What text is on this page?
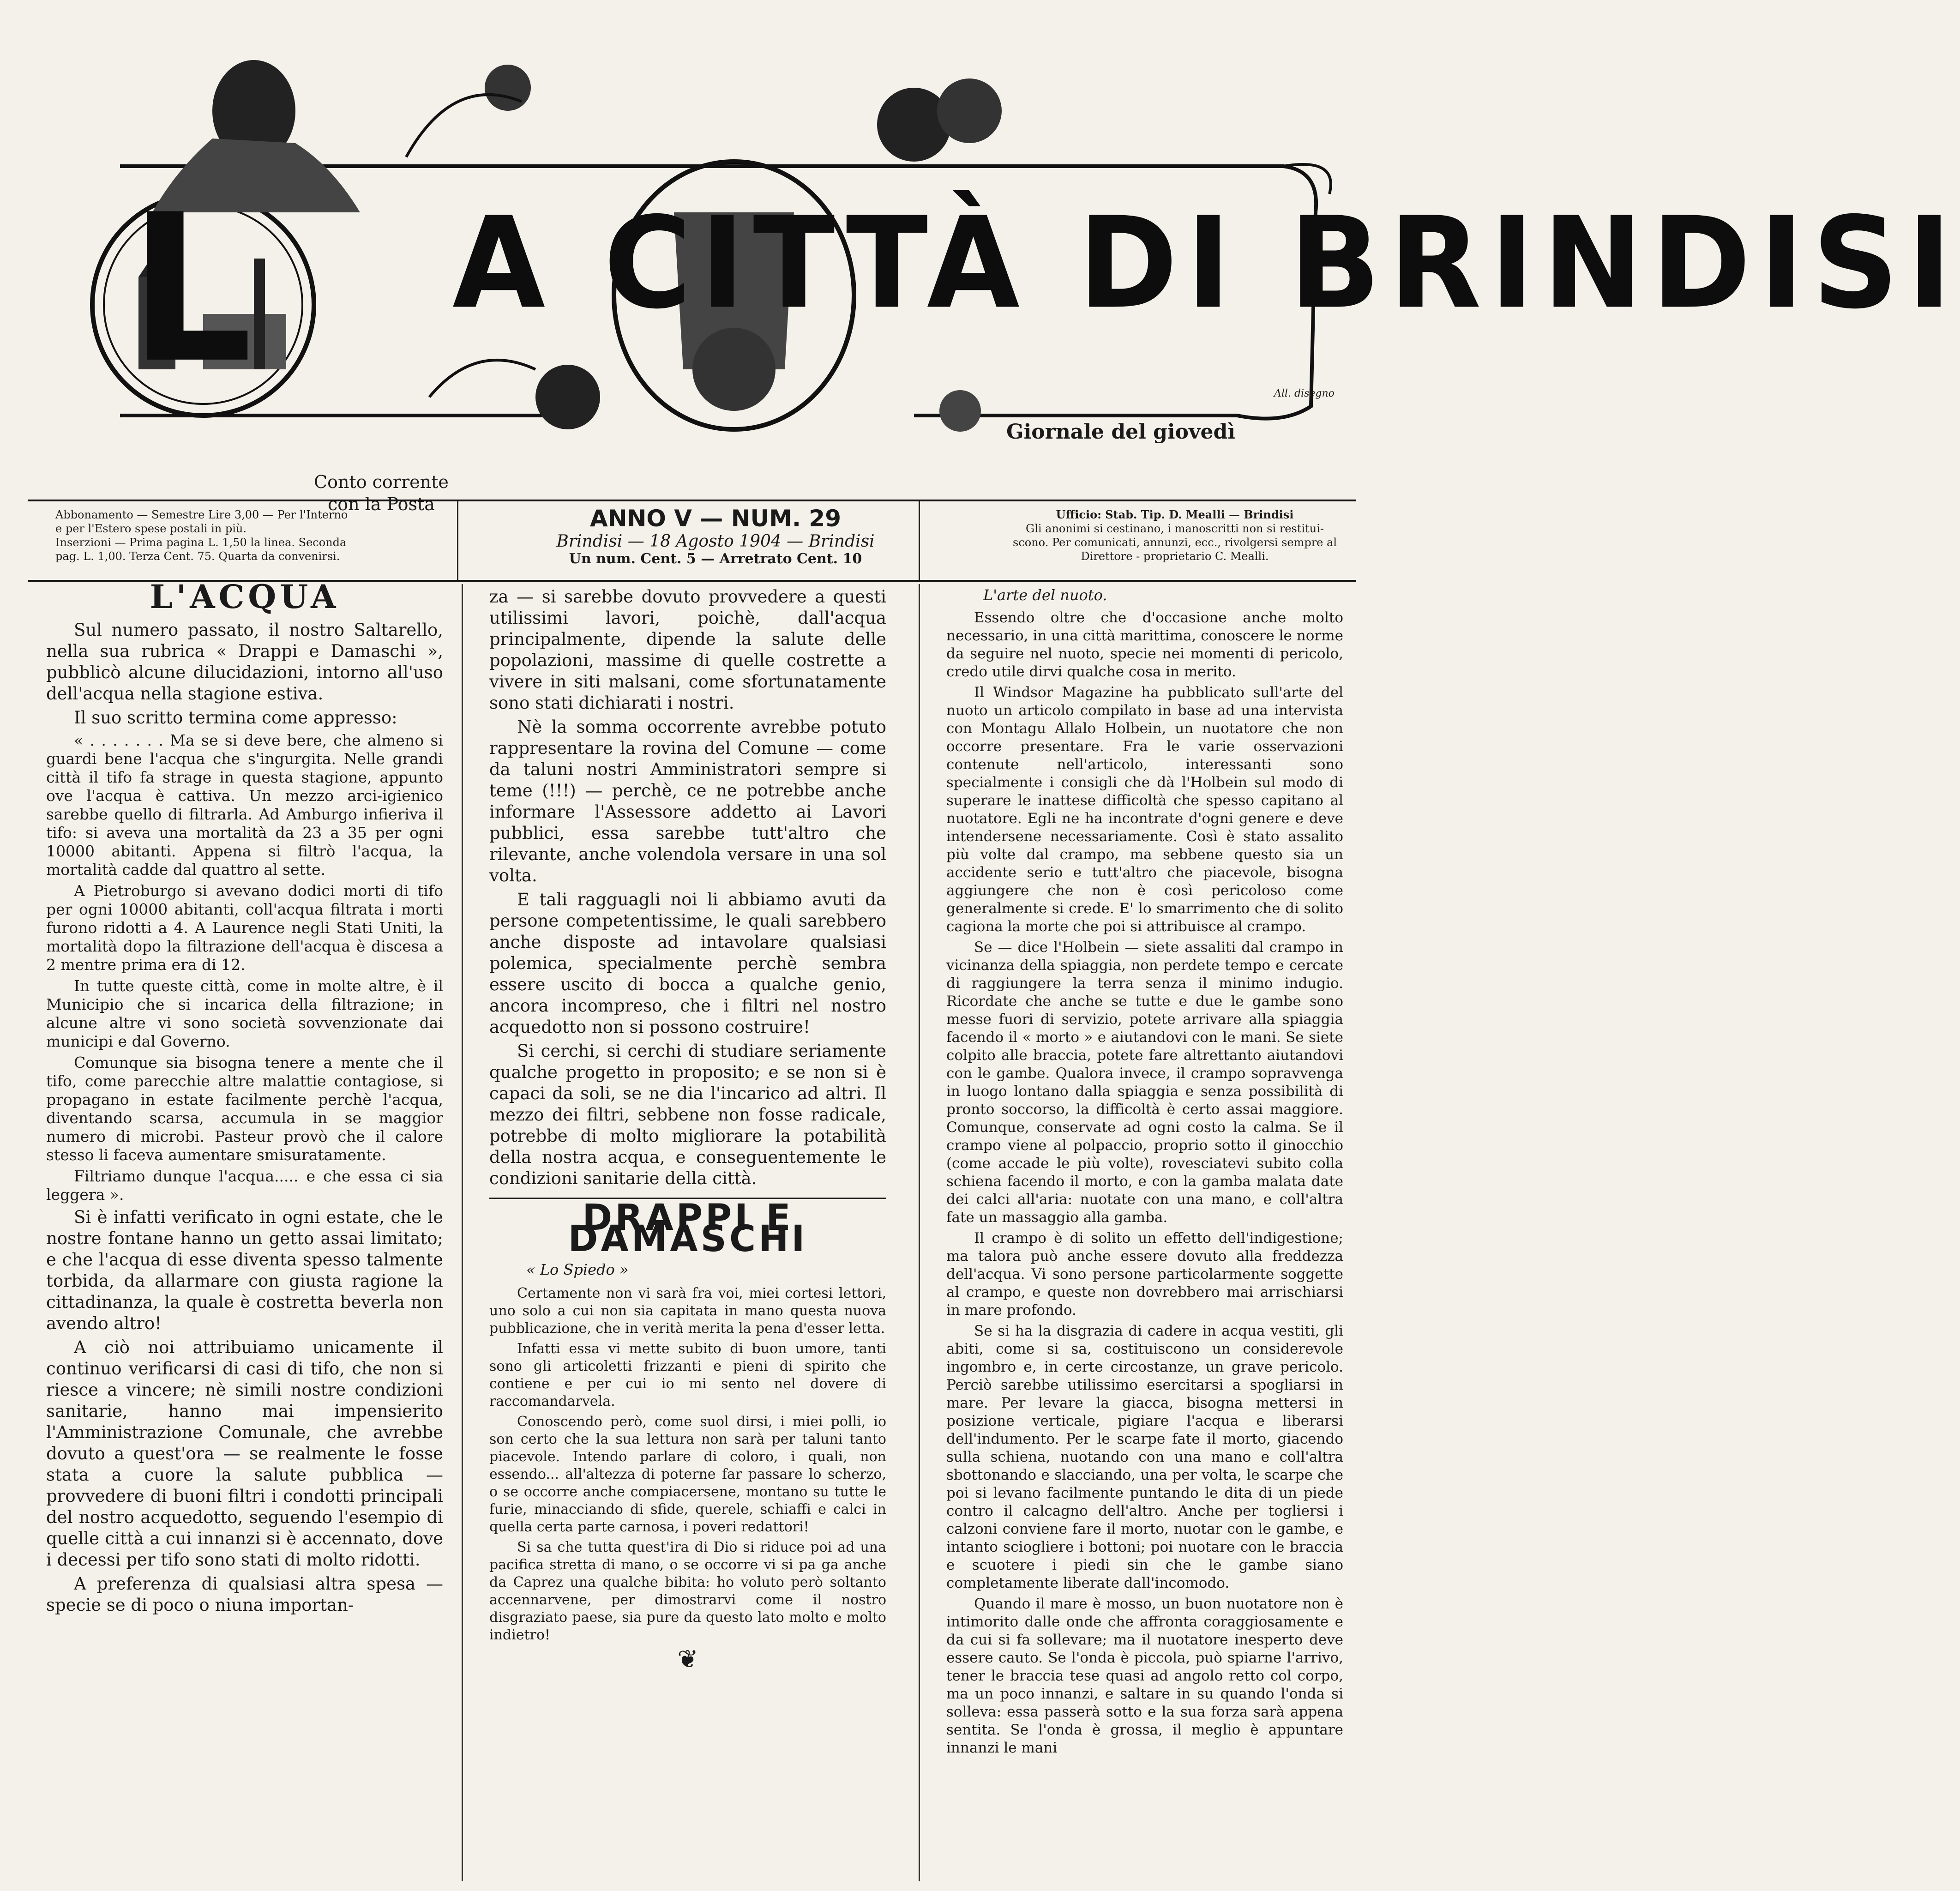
L A CITTÀ DI BRINDISI
All. disegno
Giornale del giovedì
Conto corrente
con la Posta
Abbonamento — Semestre Lire 3,00 — Per l'Interno
e per l'Estero spese postali in più.
Inserzioni — Prima pagina L. 1,50 la linea. Seconda
pag. L. 1,00. Terza Cent. 75. Quarta da convenirsi.
ANNO V — NUM. 29
Brindisi — 18 Agosto 1904 — Brindisi
Un num. Cent. 5 — Arretrato Cent. 10
Ufficio: Stab. Tip. D. Mealli — Brindisi
Gli anonimi si cestinano, i manoscritti non si restitui-
scono. Per comunicati, annunzi, ecc., rivolgersi sempre al
Direttore - proprietario C. Mealli.
L'ACQUA

Sul numero passato, il nostro Saltarello, nella sua rubrica « Drappi e Damaschi », pubblicò alcune dilucidazioni, intorno all'uso dell'acqua nella stagione estiva.

Il suo scritto termina come appresso:

« . . . . . . . Ma se si deve bere, che almeno si guardi bene l'acqua che s'ingurgita. Nelle grandi città il tifo fa strage in questa stagione, appunto ove l'acqua è cattiva. Un mezzo arci-igienico sarebbe quello di filtrarla. Ad Amburgo infieriva il tifo: si aveva una mortalità da 23 a 35 per ogni 10000 abitanti. Appena si filtrò l'acqua, la mortalità cadde dal quattro al sette.

A Pietroburgo si avevano dodici morti di tifo per ogni 10000 abitanti, coll'acqua filtrata i morti furono ridotti a 4. A Laurence negli Stati Uniti, la mortalità dopo la filtrazione dell'acqua è discesa a 2 mentre prima era di 12.

In tutte queste città, come in molte altre, è il Municipio che si incarica della filtrazione; in alcune altre vi sono società sovvenzionate dai municipi e dal Governo.

Comunque sia bisogna tenere a mente che il tifo, come parecchie altre malattie contagiose, si propagano in estate facilmente perchè l'acqua, diventando scarsa, accumula in se maggior numero di microbi. Pasteur provò che il calore stesso li faceva aumentare smisuratamente.

Filtriamo dunque l'acqua..... e che essa ci sia leggera ».

Si è infatti verificato in ogni estate, che le nostre fontane hanno un getto assai limitato; e che l'acqua di esse diventa spesso talmente torbida, da allarmare con giusta ragione la cittadinanza, la quale è costretta beverla non avendo altro!

A ciò noi attribuiamo unicamente il continuo verificarsi di casi di tifo, che non si riesce a vincere; nè simili nostre condizioni sanitarie, hanno mai impensierito l'Amministrazione Comunale, che avrebbe dovuto a quest'ora — se realmente le fosse stata a cuore la salute pubblica — provvedere di buoni filtri i condotti principali del nostro acquedotto, seguendo l'esempio di quelle città a cui innanzi si è accennato, dove i decessi per tifo sono stati di molto ridotti.

A preferenza di qualsiasi altra spesa — specie se di poco o niuna importan-

za — si sarebbe dovuto provvedere a questi utilissimi lavori, poichè, dall'acqua principalmente, dipende la salute delle popolazioni, massime di quelle costrette a vivere in siti malsani, come sfortunatamente sono stati dichiarati i nostri.

Nè la somma occorrente avrebbe potuto rappresentare la rovina del Comune — come da taluni nostri Amministratori sempre si teme (!!!) — perchè, ce ne potrebbe anche informare l'Assessore addetto ai Lavori pubblici, essa sarebbe tutt'altro che rilevante, anche volendola versare in una sol volta.

E tali ragguagli noi li abbiamo avuti da persone competentissime, le quali sarebbero anche disposte ad intavolare qualsiasi polemica, specialmente perchè sembra essere uscito di bocca a qualche genio, ancora incompreso, che i filtri nel nostro acquedotto non si possono costruire!

Si cerchi, si cerchi di studiare seriamente qualche progetto in proposito; e se non si è capaci da soli, se ne dia l'incarico ad altri. Il mezzo dei filtri, sebbene non fosse radicale, potrebbe di molto migliorare la potabilità della nostra acqua, e conseguentemente le condizioni sanitarie della città.

DRAPPI E DAMASCHI
« Lo Spiedo »

Certamente non vi sarà fra voi, miei cortesi lettori, uno solo a cui non sia capitata in mano questa nuova pubblicazione, che in verità merita la pena d'esser letta.

Infatti essa vi mette subito di buon umore, tanti sono gli articoletti frizzanti e pieni di spirito che contiene e per cui io mi sento nel dovere di raccomandarvela.

Conoscendo però, come suol dirsi, i miei polli, io son certo che la sua lettura non sarà per taluni tanto piacevole. Intendo parlare di coloro, i quali, non essendo... all'altezza di poterne far passare lo scherzo, o se occorre anche compiacersene, montano su tutte le furie, minacciando di sfide, querele, schiaffi e calci in quella certa parte carnosa, i poveri redattori!

Si sa che tutta quest'ira di Dio si riduce poi ad una pacifica stretta di mano, o se occorre vi si pa ga anche da Caprez una qualche bibita: ho voluto però soltanto accennarvene, per dimostrarvi come il nostro disgraziato paese, sia pure da questo lato molto e molto indietro!

❦
L'arte del nuoto.

Essendo oltre che d'occasione anche molto necessario, in una città marittima, conoscere le norme da seguire nel nuoto, specie nei momenti di pericolo, credo utile dirvi qualche cosa in merito.

Il Windsor Magazine ha pubblicato sull'arte del nuoto un articolo compilato in base ad una intervista con Montagu Allalo Holbein, un nuotatore che non occorre presentare. Fra le varie osservazioni contenute nell'articolo, interessanti sono specialmente i consigli che dà l'Holbein sul modo di superare le inattese difficoltà che spesso capitano al nuotatore. Egli ne ha incontrate d'ogni genere e deve intendersene necessariamente. Così è stato assalito più volte dal crampo, ma sebbene questo sia un accidente serio e tutt'altro che piacevole, bisogna aggiungere che non è così pericoloso come generalmente si crede. E' lo smarrimento che di solito cagiona la morte che poi si attribuisce al crampo.

Se — dice l'Holbein — siete assaliti dal crampo in vicinanza della spiaggia, non perdete tempo e cercate di raggiungere la terra senza il minimo indugio. Ricordate che anche se tutte e due le gambe sono messe fuori di servizio, potete arrivare alla spiaggia facendo il « morto » e aiutandovi con le mani. Se siete colpito alle braccia, potete fare altrettanto aiutandovi con le gambe. Qualora invece, il crampo sopravvenga in luogo lontano dalla spiaggia e senza possibilità di pronto soccorso, la difficoltà è certo assai maggiore. Comunque, conservate ad ogni costo la calma. Se il crampo viene al polpaccio, proprio sotto il ginocchio (come accade le più volte), rovesciatevi subito colla schiena facendo il morto, e con la gamba malata date dei calci all'aria: nuotate con una mano, e coll'altra fate un massaggio alla gamba.

Il crampo è di solito un effetto dell'indigestione; ma talora può anche essere dovuto alla freddezza dell'acqua. Vi sono persone particolarmente soggette al crampo, e queste non dovrebbero mai arrischiarsi in mare profondo.

Se si ha la disgrazia di cadere in acqua vestiti, gli abiti, come si sa, costituiscono un considerevole ingombro e, in certe circostanze, un grave pericolo. Perciò sarebbe utilissimo esercitarsi a spogliarsi in mare. Per levare la giacca, bisogna mettersi in posizione verticale, pigiare l'acqua e liberarsi dell'indumento. Per le scarpe fate il morto, giacendo sulla schiena, nuotando con una mano e coll'altra sbottonando e slacciando, una per volta, le scarpe che poi si levano facilmente puntando le dita di un piede contro il calcagno dell'altro. Anche per togliersi i calzoni conviene fare il morto, nuotar con le gambe, e intanto sciogliere i bottoni; poi nuotare con le braccia e scuotere i piedi sin che le gambe siano completamente liberate dall'incomodo.

Quando il mare è mosso, un buon nuotatore non è intimorito dalle onde che affronta coraggiosamente e da cui si fa sollevare; ma il nuotatore inesperto deve essere cauto. Se l'onda è piccola, può spiarne l'arrivo, tener le braccia tese quasi ad angolo retto col corpo, ma un poco innanzi, e saltare in su quando l'onda si solleva: essa passerà sotto e la sua forza sarà appena sentita. Se l'onda è grossa, il meglio è appuntare innanzi le mani
